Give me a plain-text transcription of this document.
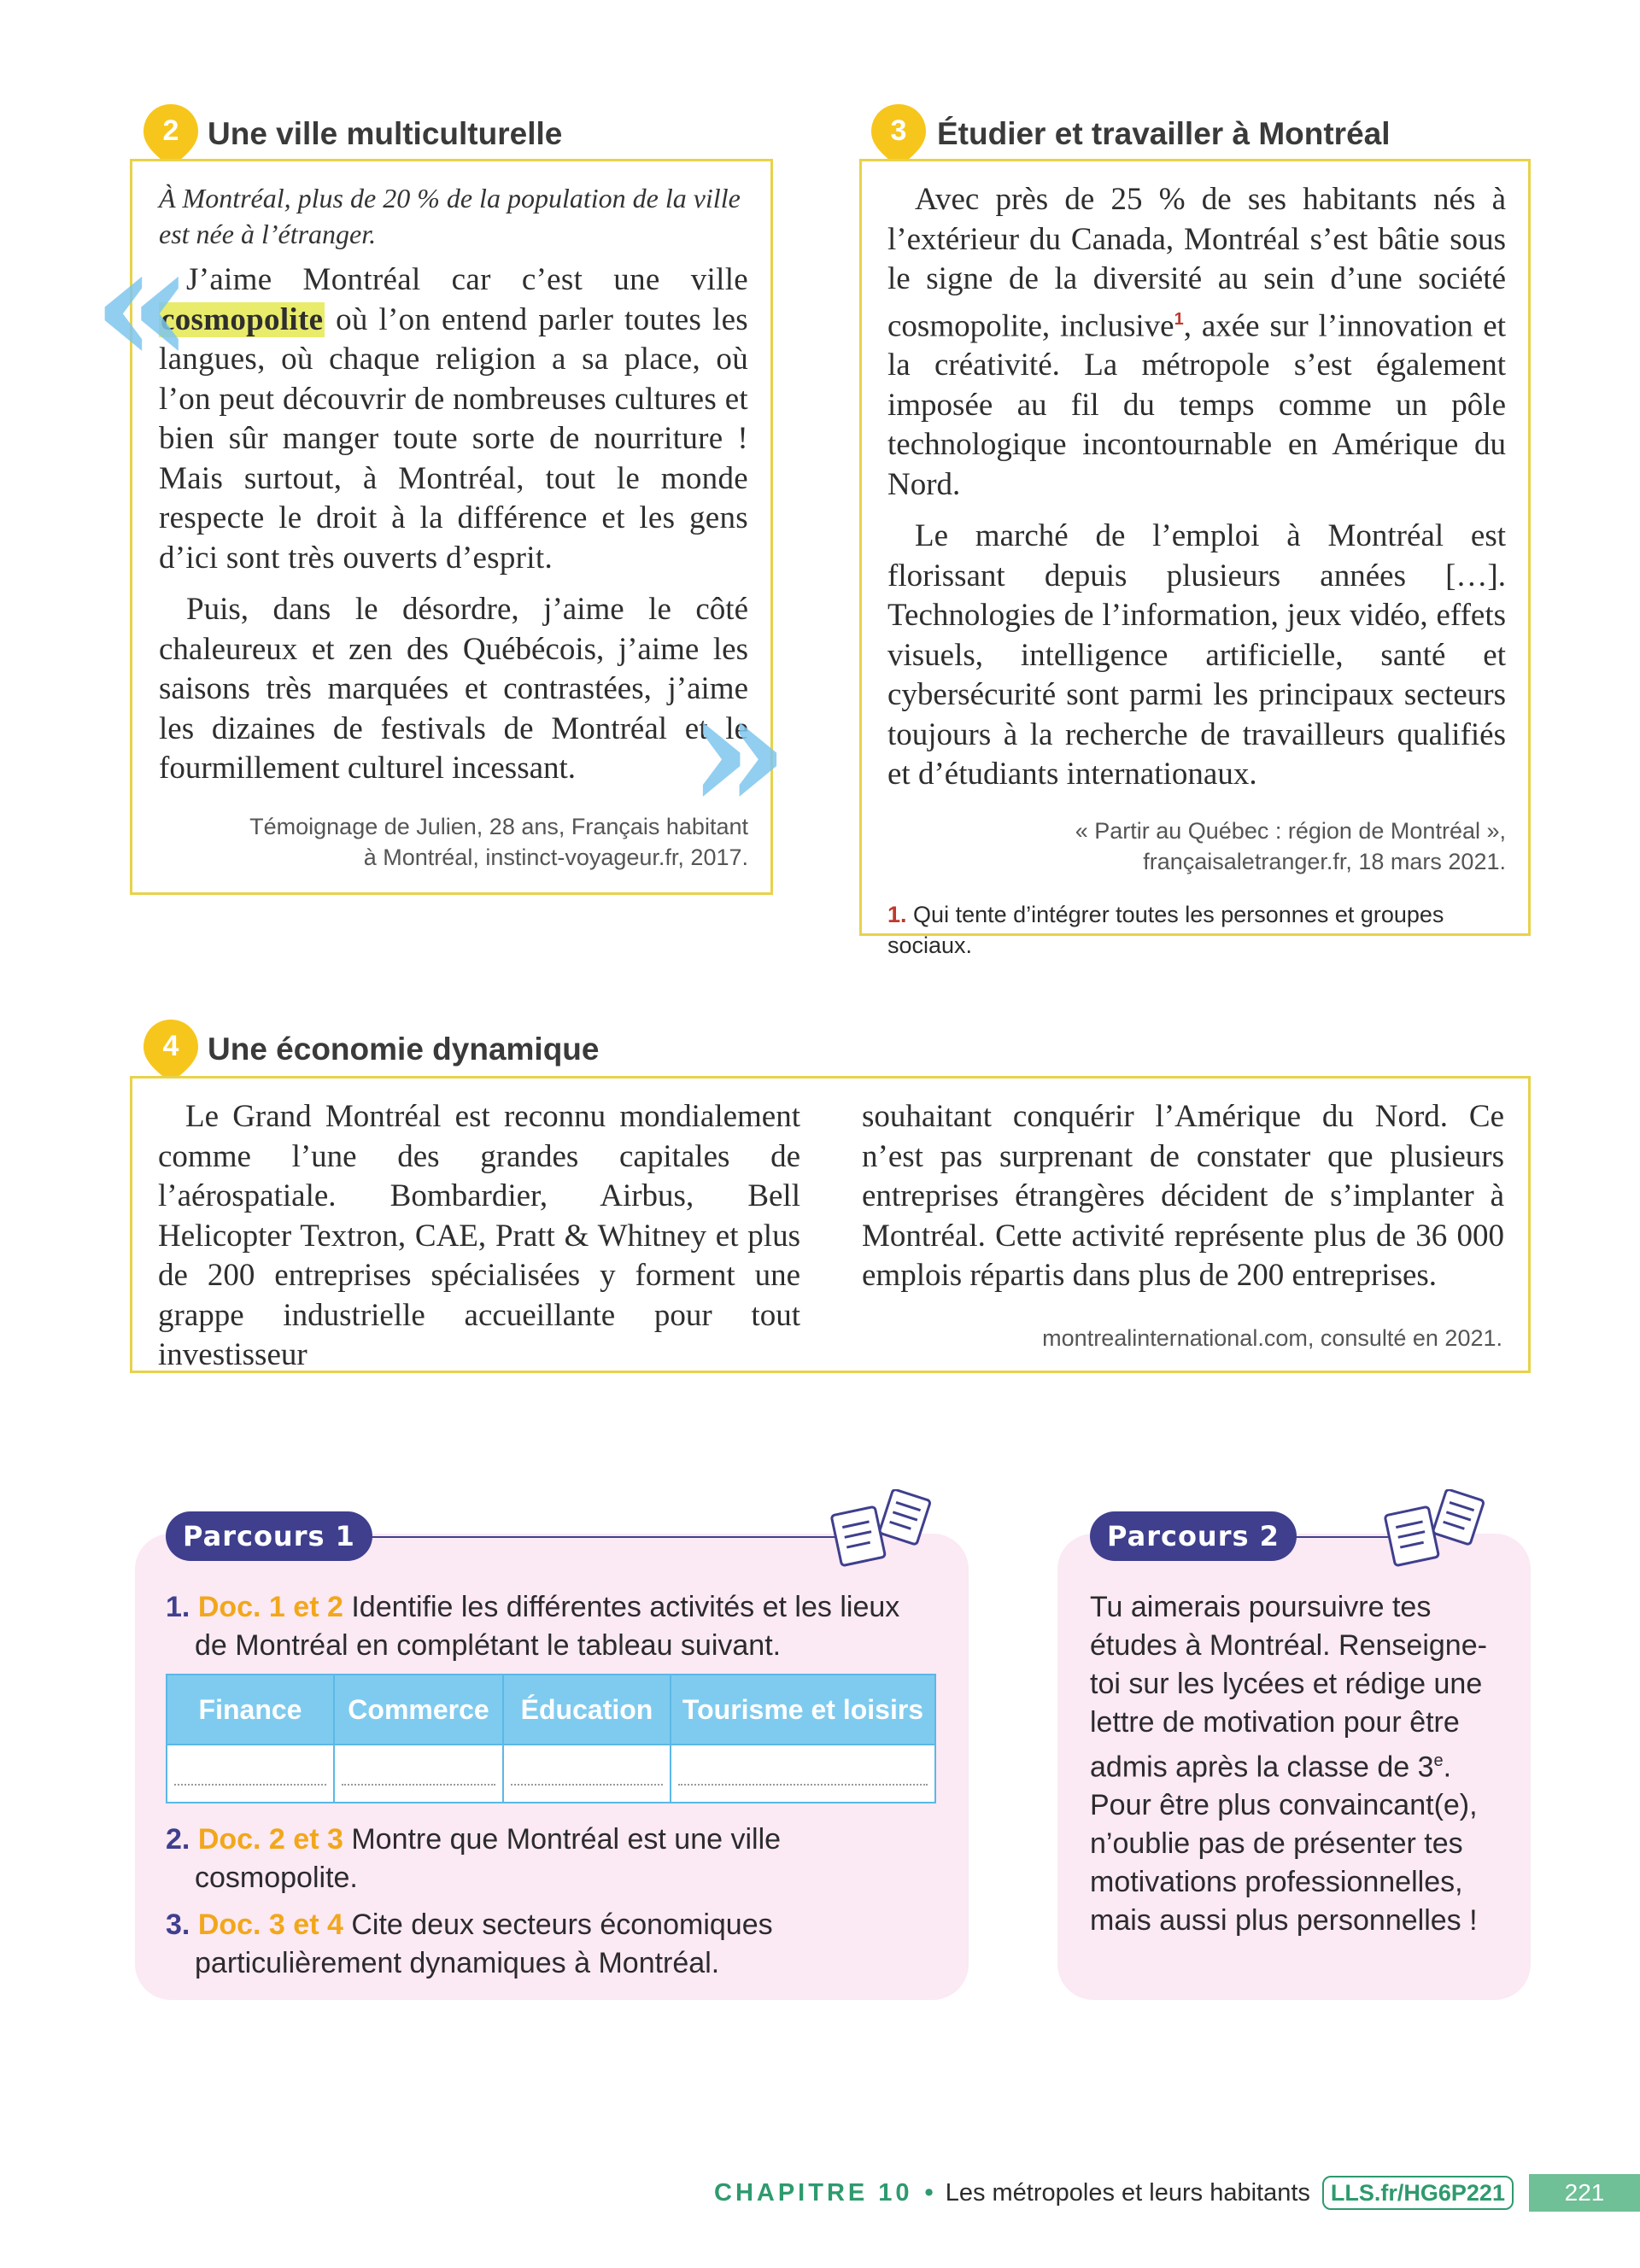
2 Une ville multiculturelle
À Montréal, plus de 20 % de la population de la ville est née à l’étranger.

J’aime Montréal car c’est une ville cosmopolite où l’on entend parler toutes les langues, où chaque religion a sa place, où l’on peut découvrir de nombreuses cultures et bien sûr manger toute sorte de nourriture ! Mais surtout, à Montréal, tout le monde respecte le droit à la différence et les gens d’ici sont très ouverts d’esprit.

Puis, dans le désordre, j’aime le côté chaleureux et zen des Québécois, j’aime les saisons très marquées et contrastées, j’aime les dizaines de festivals de Montréal et le fourmillement culturel incessant.

Témoignage de Julien, 28 ans, Français habitant
à Montréal, instinct-voyageur.fr, 2017.
«
»
3 Étudier et travailler à Montréal

Avec près de 25 % de ses habitants nés à l’extérieur du Canada, Montréal s’est bâtie sous le signe de la diversité au sein d’une société cosmopolite, inclusive$^1$, axée sur l’innovation et la créativité. La métropole s’est également imposée au fil du temps comme un pôle technologique incontournable en Amérique du Nord.

Le marché de l’emploi à Montréal est florissant depuis plusieurs années […]. Technologies de l’information, jeux vidéo, effets visuels, intelligence artificielle, santé et cybersécurité sont parmi les principaux secteurs toujours à la recherche de travailleurs qualifiés et d’étudiants internationaux.

« Partir au Québec : région de Montréal »,
françaisaletranger.fr, 18 mars 2021.
1. Qui tente d’intégrer toutes les personnes et groupes sociaux.
4 Une économie dynamique

Le Grand Montréal est reconnu mondialement comme l’une des grandes capitales de l’aérospatiale. Bombardier, Airbus, Bell Helicopter Textron, CAE, Pratt & Whitney et plus de 200 entreprises spécialisées y forment une grappe industrielle accueillante pour tout investisseur

souhaitant conquérir l’Amérique du Nord. Ce n’est pas surprenant de constater que plusieurs entreprises étrangères décident de s’implanter à Montréal. Cette activité représente plus de 36 000 emplois répartis dans plus de 200 entreprises.

montrealinternational.com, consulté en 2021.
Parcours 1
1. Doc. 1 et 2 Identifie les différentes activités et les lieux de Montréal en complétant le tableau suivant.
Finance	Commerce	Éducation	Tourisme et loisirs

2. Doc. 2 et 3 Montre que Montréal est une ville cosmopolite.
3. Doc. 3 et 4 Cite deux secteurs économiques particulièrement dynamiques à Montréal.
Parcours 2
Tu aimerais poursuivre tes études à Montréal. Renseigne-toi sur les lycées et rédige une lettre de motivation pour être admis après la classe de 3e. Pour être plus convaincant(e), n’oublie pas de présenter tes motivations professionnelles, mais aussi plus personnelles !
CHAPITRE 10 • Les métropoles et leurs habitants LLS.fr/HG6P221	221
